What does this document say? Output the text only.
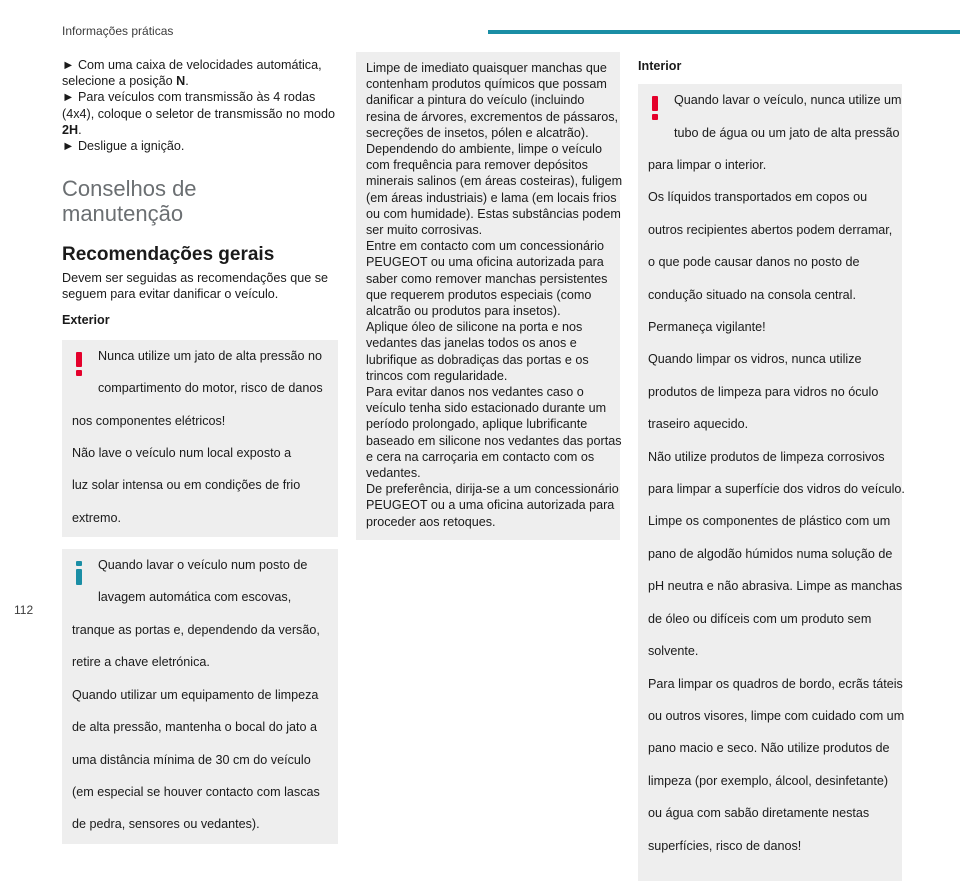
Informações práticas
► Com uma caixa de velocidades automática,
selecione a posição N.
► Para veículos com transmissão às 4 rodas
(4x4), coloque o seletor de transmissão no modo
2H.
► Desligue a ignição.
Conselhos de
manutenção
Recomendações gerais
Devem ser seguidas as recomendações que se
seguem para evitar danificar o veículo.
Exterior
Nunca utilize um jato de alta pressão no

compartimento do motor, risco de danos

nos componentes elétricos!

Não lave o veículo num local exposto a

luz solar intensa ou em condições de frio

extremo.
Quando lavar o veículo num posto de

lavagem automática com escovas,

tranque as portas e, dependendo da versão,

retire a chave eletrónica.

Quando utilizar um equipamento de limpeza

de alta pressão, mantenha o bocal do jato a

uma distância mínima de 30 cm do veículo

(em especial se houver contacto com lascas

de pedra, sensores ou vedantes).
Limpe de imediato quaisquer manchas que
contenham produtos químicos que possam
danificar a pintura do veículo (incluindo
resina de árvores, excrementos de pássaros,
secreções de insetos, pólen e alcatrão).
Dependendo do ambiente, limpe o veículo
com frequência para remover depósitos
minerais salinos (em áreas costeiras), fuligem
(em áreas industriais) e lama (em locais frios
ou com humidade). Estas substâncias podem
ser muito corrosivas.
Entre em contacto com um concessionário
PEUGEOT ou uma oficina autorizada para
saber como remover manchas persistentes
que requerem produtos especiais (como
alcatrão ou produtos para insetos).
Aplique óleo de silicone na porta e nos
vedantes das janelas todos os anos e
lubrifique as dobradiças das portas e os
trincos com regularidade.
Para evitar danos nos vedantes caso o
veículo tenha sido estacionado durante um
período prolongado, aplique lubrificante
baseado em silicone nos vedantes das portas
e cera na carroçaria em contacto com os
vedantes.
De preferência, dirija-se a um concessionário
PEUGEOT ou a uma oficina autorizada para
proceder aos retoques.

Interior
Quando lavar o veículo, nunca utilize um

tubo de água ou um jato de alta pressão

para limpar o interior.

Os líquidos transportados em copos ou

outros recipientes abertos podem derramar,

o que pode causar danos no posto de

condução situado na consola central.

Permaneça vigilante!

Quando limpar os vidros, nunca utilize

produtos de limpeza para vidros no óculo

traseiro aquecido.

Não utilize produtos de limpeza corrosivos

para limpar a superfície dos vidros do veículo.

Limpe os componentes de plástico com um

pano de algodão húmidos numa solução de

pH neutra e não abrasiva. Limpe as manchas

de óleo ou difíceis com um produto sem

solvente.

Para limpar os quadros de bordo, ecrãs táteis

ou outros visores, limpe com cuidado com um

pano macio e seco. Não utilize produtos de

limpeza (por exemplo, álcool, desinfetante)

ou água com sabão diretamente nestas

superfícies, risco de danos!

112
